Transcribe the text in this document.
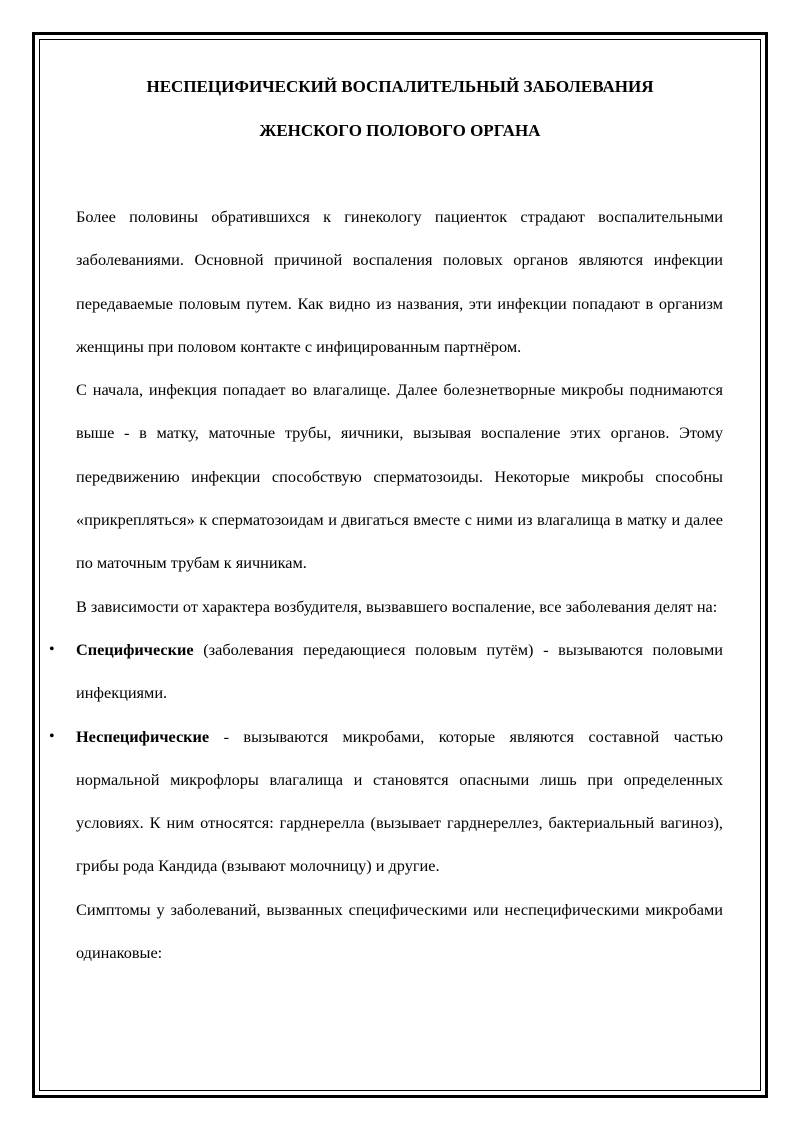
НЕСПЕЦИФИЧЕСКИЙ ВОСПАЛИТЕЛЬНЫЙ ЗАБОЛЕВАНИЯ
ЖЕНСКОГО ПОЛОВОГО ОРГАНА

Более половины обратившихся к гинекологу пациенток страдают воспалительными заболеваниями. Основной причиной воспаления половых органов являются инфекции передаваемые половым путем. Как видно из названия, эти инфекции попадают в организм женщины при половом контакте с инфицированным партнёром.

С начала, инфекция попадает во влагалище. Далее болезнетворные микробы поднимаются выше - в матку, маточные трубы, яичники, вызывая воспаление этих органов. Этому передвижению инфекции способствую сперматозоиды. Некоторые микробы способны «прикрепляться» к сперматозоидам и двигаться вместе с ними из влагалища в матку и далее по маточным трубам к яичникам.

В зависимости от характера возбудителя, вызвавшего воспаление, все заболевания делят на:

• Специфические (заболевания передающиеся половым путём) - вызываются половыми инфекциями.
• Неспецифические - вызываются микробами, которые являются составной частью нормальной микрофлоры влагалища и становятся опасными лишь при определенных условиях. К ним относятся: гарднерелла (вызывает гарднереллез, бактериальный вагиноз), грибы рода Кандида (взывают молочницу) и другие.

Симптомы у заболеваний, вызванных специфическими или неспецифическими микробами одинаковые:
